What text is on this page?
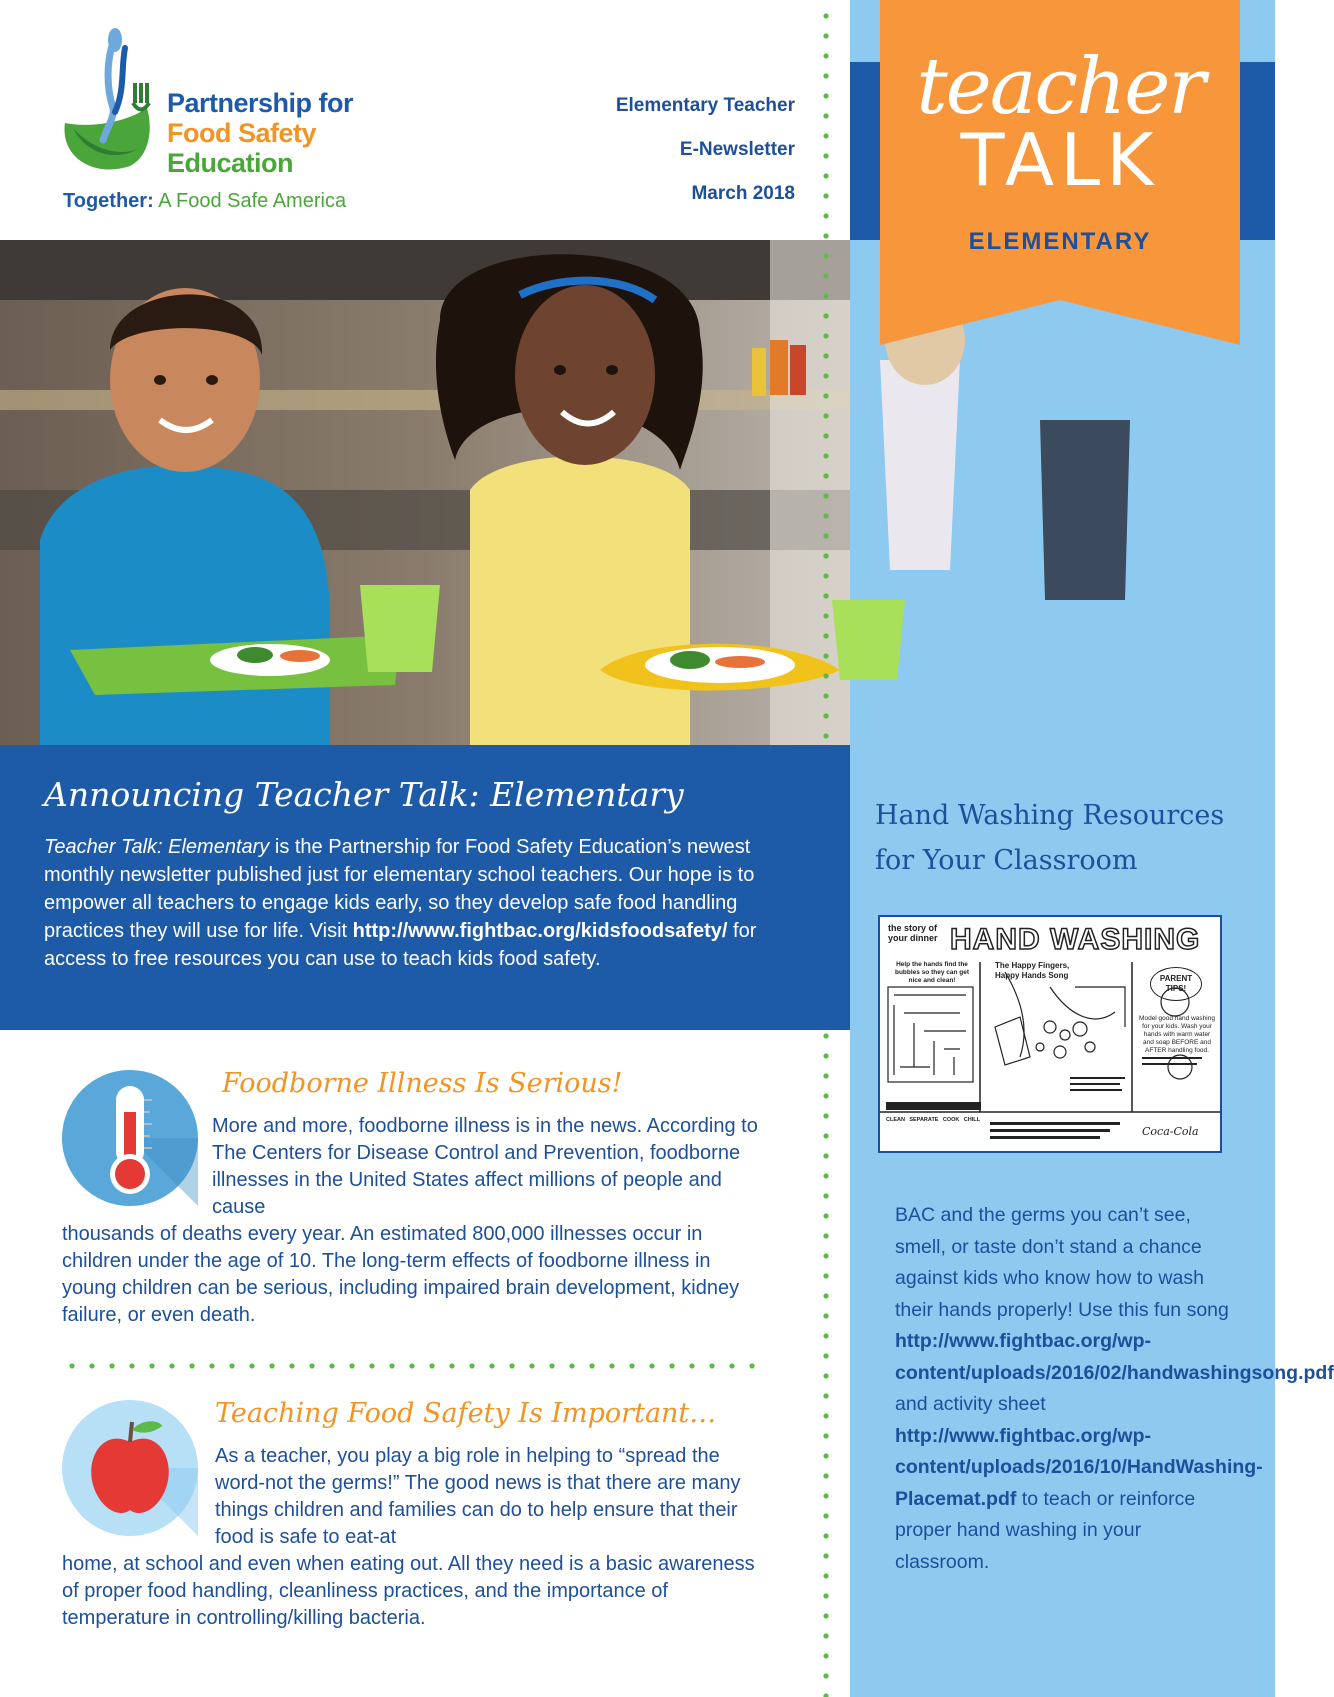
Partnership for
Food Safety
Education
Together: A Food Safe America
Elementary Teacher
E-Newsletter
March 2018
teacher
TALK
ELEMENTARY
Announcing Teacher Talk: Elementary
Teacher Talk: Elementary is the Partnership for Food Safety Education’s newest monthly newsletter published just for elementary school teachers. Our hope is to empower all teachers to engage kids early, so they develop safe food handling practices they will use for life. Visit http://www.fightbac.org/kidsfoodsafety/ for access to free resources you can use to teach kids food safety.
Foodborne Illness Is Serious!
More and more, foodborne illness is in the news. According to The Centers for Disease Control and Prevention, foodborne illnesses in the United States affect millions of people and cause
thousands of deaths every year. An estimated 800,000 illnesses occur in children under the age of 10. The long-term effects of foodborne illness in young children can be serious, including impaired brain development, kidney failure, or even death.
Teaching Food Safety Is Important…
As a teacher, you play a big role in helping to “spread the word-not the germs!” The good news is that there are many things children and families can do to help ensure that their food is safe to eat-at
home, at school and even when eating out. All they need is a basic awareness of proper food handling, cleanliness practices, and the importance of temperature in controlling/killing bacteria.
Hand Washing Resources for Your Classroom
the story of your dinner HAND WASHING
Help the hands find the bubbles so they can get nice and clean!
The Happy Fingers, Happy Hands Song	PARENT TIPS!
Model good hand washing for your kids. Wash your hands with warm water and soap BEFORE and AFTER handling food.
CLEAN SEPARATE COOK CHILL
Coca-Cola
BAC and the germs you can’t see, smell, or taste don’t stand a chance against kids who know how to wash their hands properly! Use this fun song http://www.fightbac.org/wp-content/uploads/2016/02/handwashingsong.pdf and activity sheet http://www.fightbac.org/wp-content/uploads/2016/10/HandWashing-Placemat.pdf to teach or reinforce proper hand washing in your classroom.
